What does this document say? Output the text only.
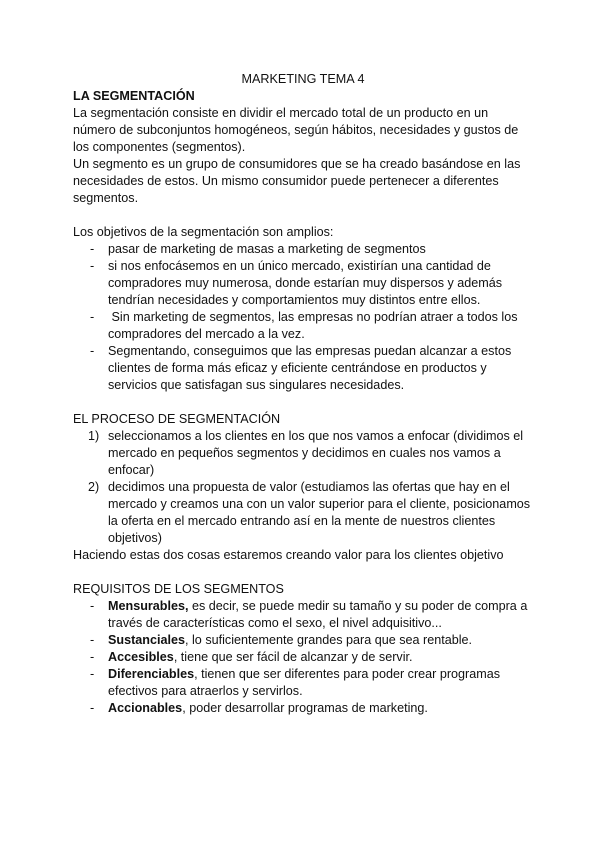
MARKETING TEMA 4
LA SEGMENTACIÓN

La segmentación consiste en dividir el mercado total de un producto en un número de subconjuntos homogéneos, según hábitos, necesidades y gustos de los componentes (segmentos).

Un segmento es un grupo de consumidores que se ha creado basándose en las necesidades de estos. Un mismo consumidor puede pertenecer a diferentes segmentos.

Los objetivos de la segmentación son amplios:

- pasar de marketing de masas a marketing de segmentos
- si nos enfocásemos en un único mercado, existirían una cantidad de compradores muy numerosa, donde estarían muy dispersos y además tendrían necesidades y comportamientos muy distintos entre ellos.
- Sin marketing de segmentos, las empresas no podrían atraer a todos los compradores del mercado a la vez.
- Segmentando, conseguimos que las empresas puedan alcanzar a estos clientes de forma más eficaz y eficiente centrándose en productos y servicios que satisfagan sus singulares necesidades.

EL PROCESO DE SEGMENTACIÓN

1) seleccionamos a los clientes en los que nos vamos a enfocar (dividimos el mercado en pequeños segmentos y decidimos en cuales nos vamos a enfocar)
2) decidimos una propuesta de valor (estudiamos las ofertas que hay en el mercado y creamos una con un valor superior para el cliente, posicionamos la oferta en el mercado entrando así en la mente de nuestros clientes objetivos)

Haciendo estas dos cosas estaremos creando valor para los clientes objetivo

REQUISITOS DE LOS SEGMENTOS

- Mensurables, es decir, se puede medir su tamaño y su poder de compra a través de características como el sexo, el nivel adquisitivo...
- Sustanciales, lo suficientemente grandes para que sea rentable.
- Accesibles, tiene que ser fácil de alcanzar y de servir.
- Diferenciables, tienen que ser diferentes para poder crear programas efectivos para atraerlos y servirlos.
- Accionables, poder desarrollar programas de marketing.
